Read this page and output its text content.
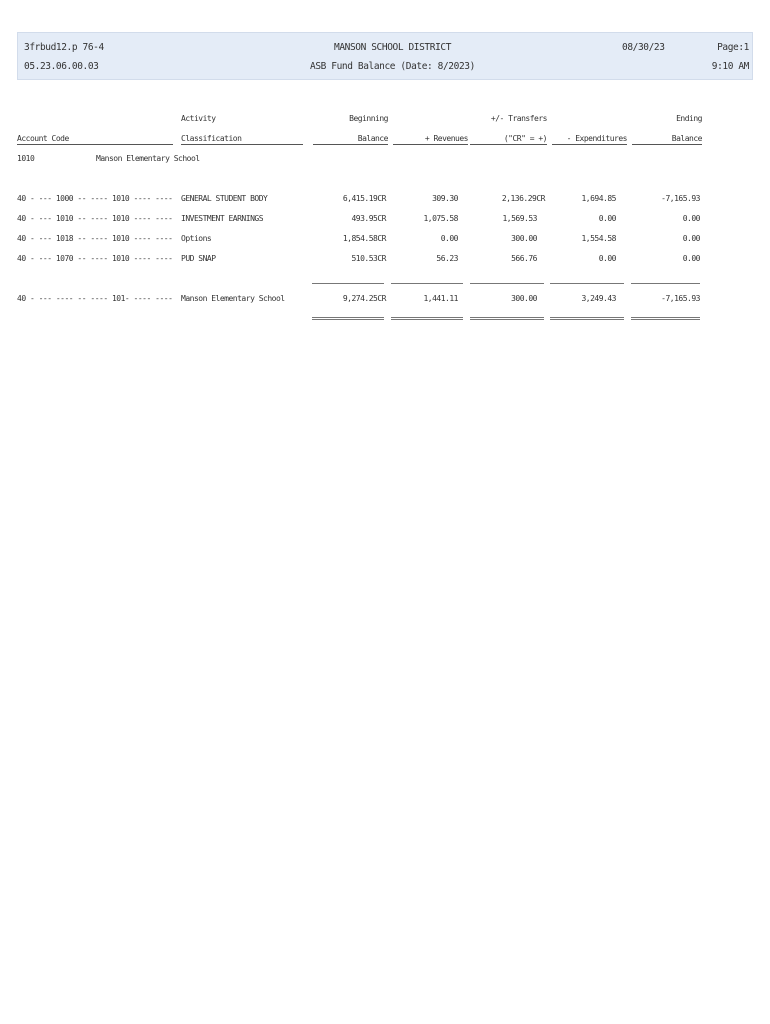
3frbud12.p 76-4
05.23.06.00.03
MANSON SCHOOL DISTRICT
ASB Fund Balance (Date: 8/2023)
08/30/23	Page:1
9:10 AM
Activity	Beginning	+/- Transfers	Ending
Account Code	Classification	Balance	+ Revenues	("CR" = +)	- Expenditures	Balance
1010	Manson Elementary School
40 - --- 1000 -- ---- 1010 ---- ---- GENERAL STUDENT BODY	6,415.19CR	309.30	2,136.29CR	1,694.85	-7,165.93
40 - --- 1010 -- ---- 1010 ---- ---- INVESTMENT EARNINGS	493.95CR	1,075.58	1,569.53	0.00	0.00
40 - --- 1018 -- ---- 1010 ---- ---- Options	1,854.58CR	0.00	300.00	1,554.58	0.00
40 - --- 1070 -- ---- 1010 ---- ---- PUD SNAP	510.53CR	56.23	566.76	0.00	0.00
40 - --- ---- -- ---- 101- ---- ---- Manson Elementary School	9,274.25CR	1,441.11	300.00	3,249.43	-7,165.93
